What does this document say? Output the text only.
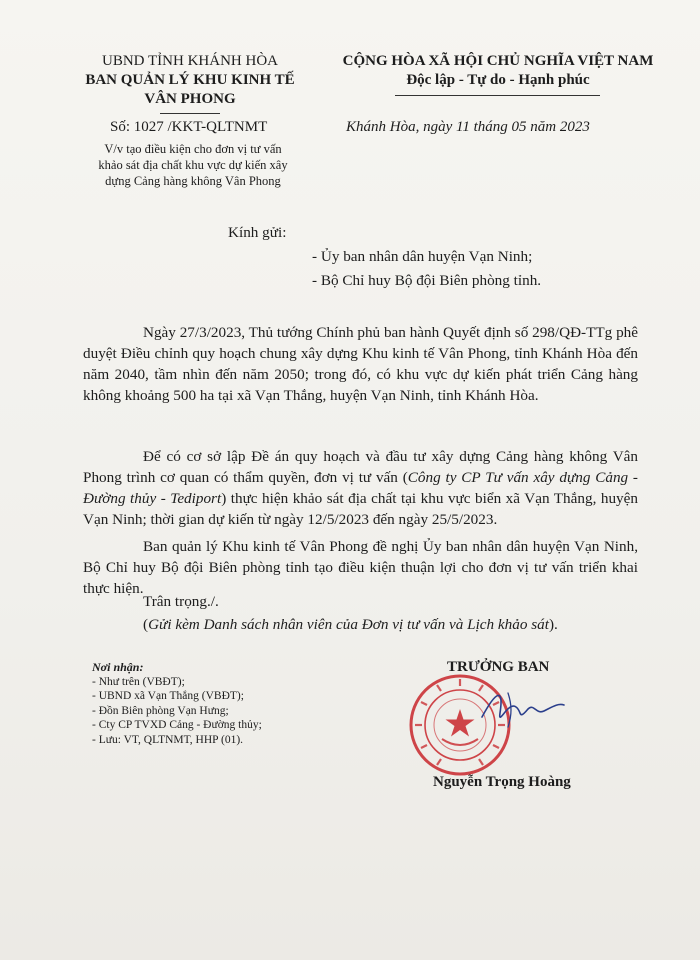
UBND TỈNH KHÁNH HÒA
BAN QUẢN LÝ KHU KINH TẾ
VÂN PHONG
CỘNG HÒA XÃ HỘI CHỦ NGHĨA VIỆT NAM
Độc lập - Tự do - Hạnh phúc
Số: 1027 /KKT-QLTNMT	Khánh Hòa, ngày 11 tháng 05 năm 2023
V/v tạo điều kiện cho đơn vị tư vấn
khảo sát địa chất khu vực dự kiến xây
dựng Cảng hàng không Vân Phong
Kính gửi:
- Ủy ban nhân dân huyện Vạn Ninh;
- Bộ Chỉ huy Bộ đội Biên phòng tỉnh.
Ngày 27/3/2023, Thủ tướng Chính phủ ban hành Quyết định số 298/QĐ-TTg phê duyệt Điều chỉnh quy hoạch chung xây dựng Khu kinh tế Vân Phong, tỉnh Khánh Hòa đến năm 2040, tầm nhìn đến năm 2050; trong đó, có khu vực dự kiến phát triển Cảng hàng không khoảng 500 ha tại xã Vạn Thắng, huyện Vạn Ninh, tỉnh Khánh Hòa.
Để có cơ sở lập Đề án quy hoạch và đầu tư xây dựng Cảng hàng không Vân Phong trình cơ quan có thẩm quyền, đơn vị tư vấn (Công ty CP Tư vấn xây dựng Cảng - Đường thủy - Tediport) thực hiện khảo sát địa chất tại khu vực biển xã Vạn Thắng, huyện Vạn Ninh; thời gian dự kiến từ ngày 12/5/2023 đến ngày 25/5/2023.
Ban quản lý Khu kinh tế Vân Phong đề nghị Ủy ban nhân dân huyện Vạn Ninh, Bộ Chỉ huy Bộ đội Biên phòng tỉnh tạo điều kiện thuận lợi cho đơn vị tư vấn triển khai thực hiện.
Trân trọng./.
(Gửi kèm Danh sách nhân viên của Đơn vị tư vấn và Lịch khảo sát).
Nơi nhận:
- Như trên (VBĐT);
- UBND xã Vạn Thắng (VBĐT);
- Đồn Biên phòng Vạn Hưng;
- Cty CP TVXD Cảng - Đường thủy;
- Lưu: VT, QLTNMT, HHP (01).
TRƯỞNG BAN
Nguyễn Trọng Hoàng
